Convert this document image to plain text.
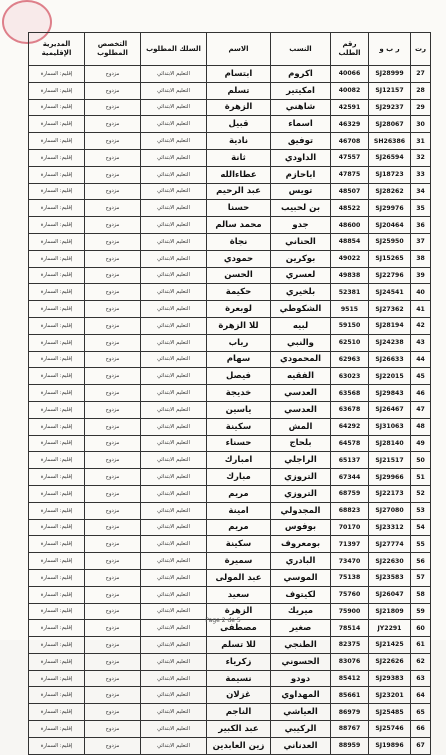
رت	ر ب و	رقم الطلب	النسب	الاسم	السلك المطلوب	التخصص المطلوب	المديرية الإقليمية
27	SJ28999	40066	اكروم	ابتسام	التعليم الابتدائي	مزدوج	إقليم: السمارة
28	SJ12157	40082	امكيتير	تسلم	التعليم الابتدائي	مزدوج	إقليم: السمارة
29	SJ29237	42591	شاهني	الزهرة	التعليم الابتدائي	مزدوج	إقليم: السمارة
30	SJ28067	46329	اسماء	قبيل	التعليم الابتدائي	مزدوج	إقليم: السمارة
31	SH26386	46708	توفيق	نادية	التعليم الابتدائي	مزدوج	إقليم: السمارة
32	SJ26594	47557	الداودي	ثانة	التعليم الابتدائي	مزدوج	إقليم: السمارة
33	SJ18723	47875	اباحازم	عطاءالله	التعليم الابتدائي	مزدوج	إقليم: السمارة
34	SJ28262	48507	تويس	عبد الرحيم	التعليم الابتدائي	مزدوج	إقليم: السمارة
35	SJ29976	48522	بن لحبيب	حسنا	التعليم الابتدائي	مزدوج	إقليم: السمارة
36	SJ20464	48600	جدو	محمد سالم	التعليم الابتدائي	مزدوج	إقليم: السمارة
37	SJ25950	48854	الحناني	نجاة	التعليم الابتدائي	مزدوج	إقليم: السمارة
38	SJ15265	49022	بوكرين	حمودي	التعليم الابتدائي	مزدوج	إقليم: السمارة
39	SJ22796	49838	لعسري	الحسن	التعليم الابتدائي	مزدوج	إقليم: السمارة
40	SJ24541	52381	بلخيري	حكيمة	التعليم الابتدائي	مزدوج	إقليم: السمارة
41	SJ27362	9515	الشكوطي	لوبعرة	التعليم الابتدائي	مزدوج	إقليم: السمارة
42	SJ28194	59150	لبيه	للا الزهرة	التعليم الابتدائي	مزدوج	إقليم: السمارة
43	SJ24238	62510	والنبي	رباب	التعليم الابتدائي	مزدوج	إقليم: السمارة
44	SJ26633	62963	المحمودي	سهام	التعليم الابتدائي	مزدوج	إقليم: السمارة
45	SJ22015	63023	الفقيه	فيصل	التعليم الابتدائي	مزدوج	إقليم: السمارة
46	SJ29843	63568	العدسي	خديجة	التعليم الابتدائي	مزدوج	إقليم: السمارة
47	SJ26467	63678	العدسي	ياسين	التعليم الابتدائي	مزدوج	إقليم: السمارة
48	SJ31063	64292	المش	سكينة	التعليم الابتدائي	مزدوج	إقليم: السمارة
49	SJ28140	64578	بلحاج	حسناء	التعليم الابتدائي	مزدوج	إقليم: السمارة
50	SJ21517	65137	الراجلي	امبارك	التعليم الابتدائي	مزدوج	إقليم: السمارة
51	SJ29966	67344	التروزي	مبارك	التعليم الابتدائي	مزدوج	إقليم: السمارة
52	SJ22173	68759	التروزي	مريم	التعليم الابتدائي	مزدوج	إقليم: السمارة
53	SJ27080	68823	المجدولي	امينة	التعليم الابتدائي	مزدوج	إقليم: السمارة
54	SJ23312	70170	بوفوس	مريم	التعليم الابتدائي	مزدوج	إقليم: السمارة
55	SJ27774	71397	بومعروف	سكينة	التعليم الابتدائي	مزدوج	إقليم: السمارة
56	SJ22630	73470	البادري	سميرة	التعليم الابتدائي	مزدوج	إقليم: السمارة
57	SJ23583	75138	الموسي	عبد المولى	التعليم الابتدائي	مزدوج	إقليم: السمارة
58	SJ26047	75760	لكيتوف	سعيد	التعليم الابتدائي	مزدوج	إقليم: السمارة
59	SJ21809	75900	ميريك	الزهرة	التعليم الابتدائي	مزدوج	إقليم: السمارة
60	JY2291	78514	صغير	مصطفى	التعليم الابتدائي	مزدوج	إقليم: السمارة
61	SJ21425	82375	الطنجي	للا تسلم	التعليم الابتدائي	مزدوج	إقليم: السمارة
62	SJ22626	83076	الحسوني	زكرياء	التعليم الابتدائي	مزدوج	إقليم: السمارة
63	SJ29383	85412	دودو	نسيمة	التعليم الابتدائي	مزدوج	إقليم: السمارة
64	SJ23201	85661	المهداوي	غزلان	التعليم الابتدائي	مزدوج	إقليم: السمارة
65	SJ25485	86979	العياشي	الناجم	التعليم الابتدائي	مزدوج	إقليم: السمارة
66	SJ25746	88767	الركيبي	عبد الكبير	التعليم الابتدائي	مزدوج	إقليم: السمارة
67	SJ19896	88959	العدناني	زين العابدين	التعليم الابتدائي	مزدوج	إقليم: السمارة
Page 2 de 5
